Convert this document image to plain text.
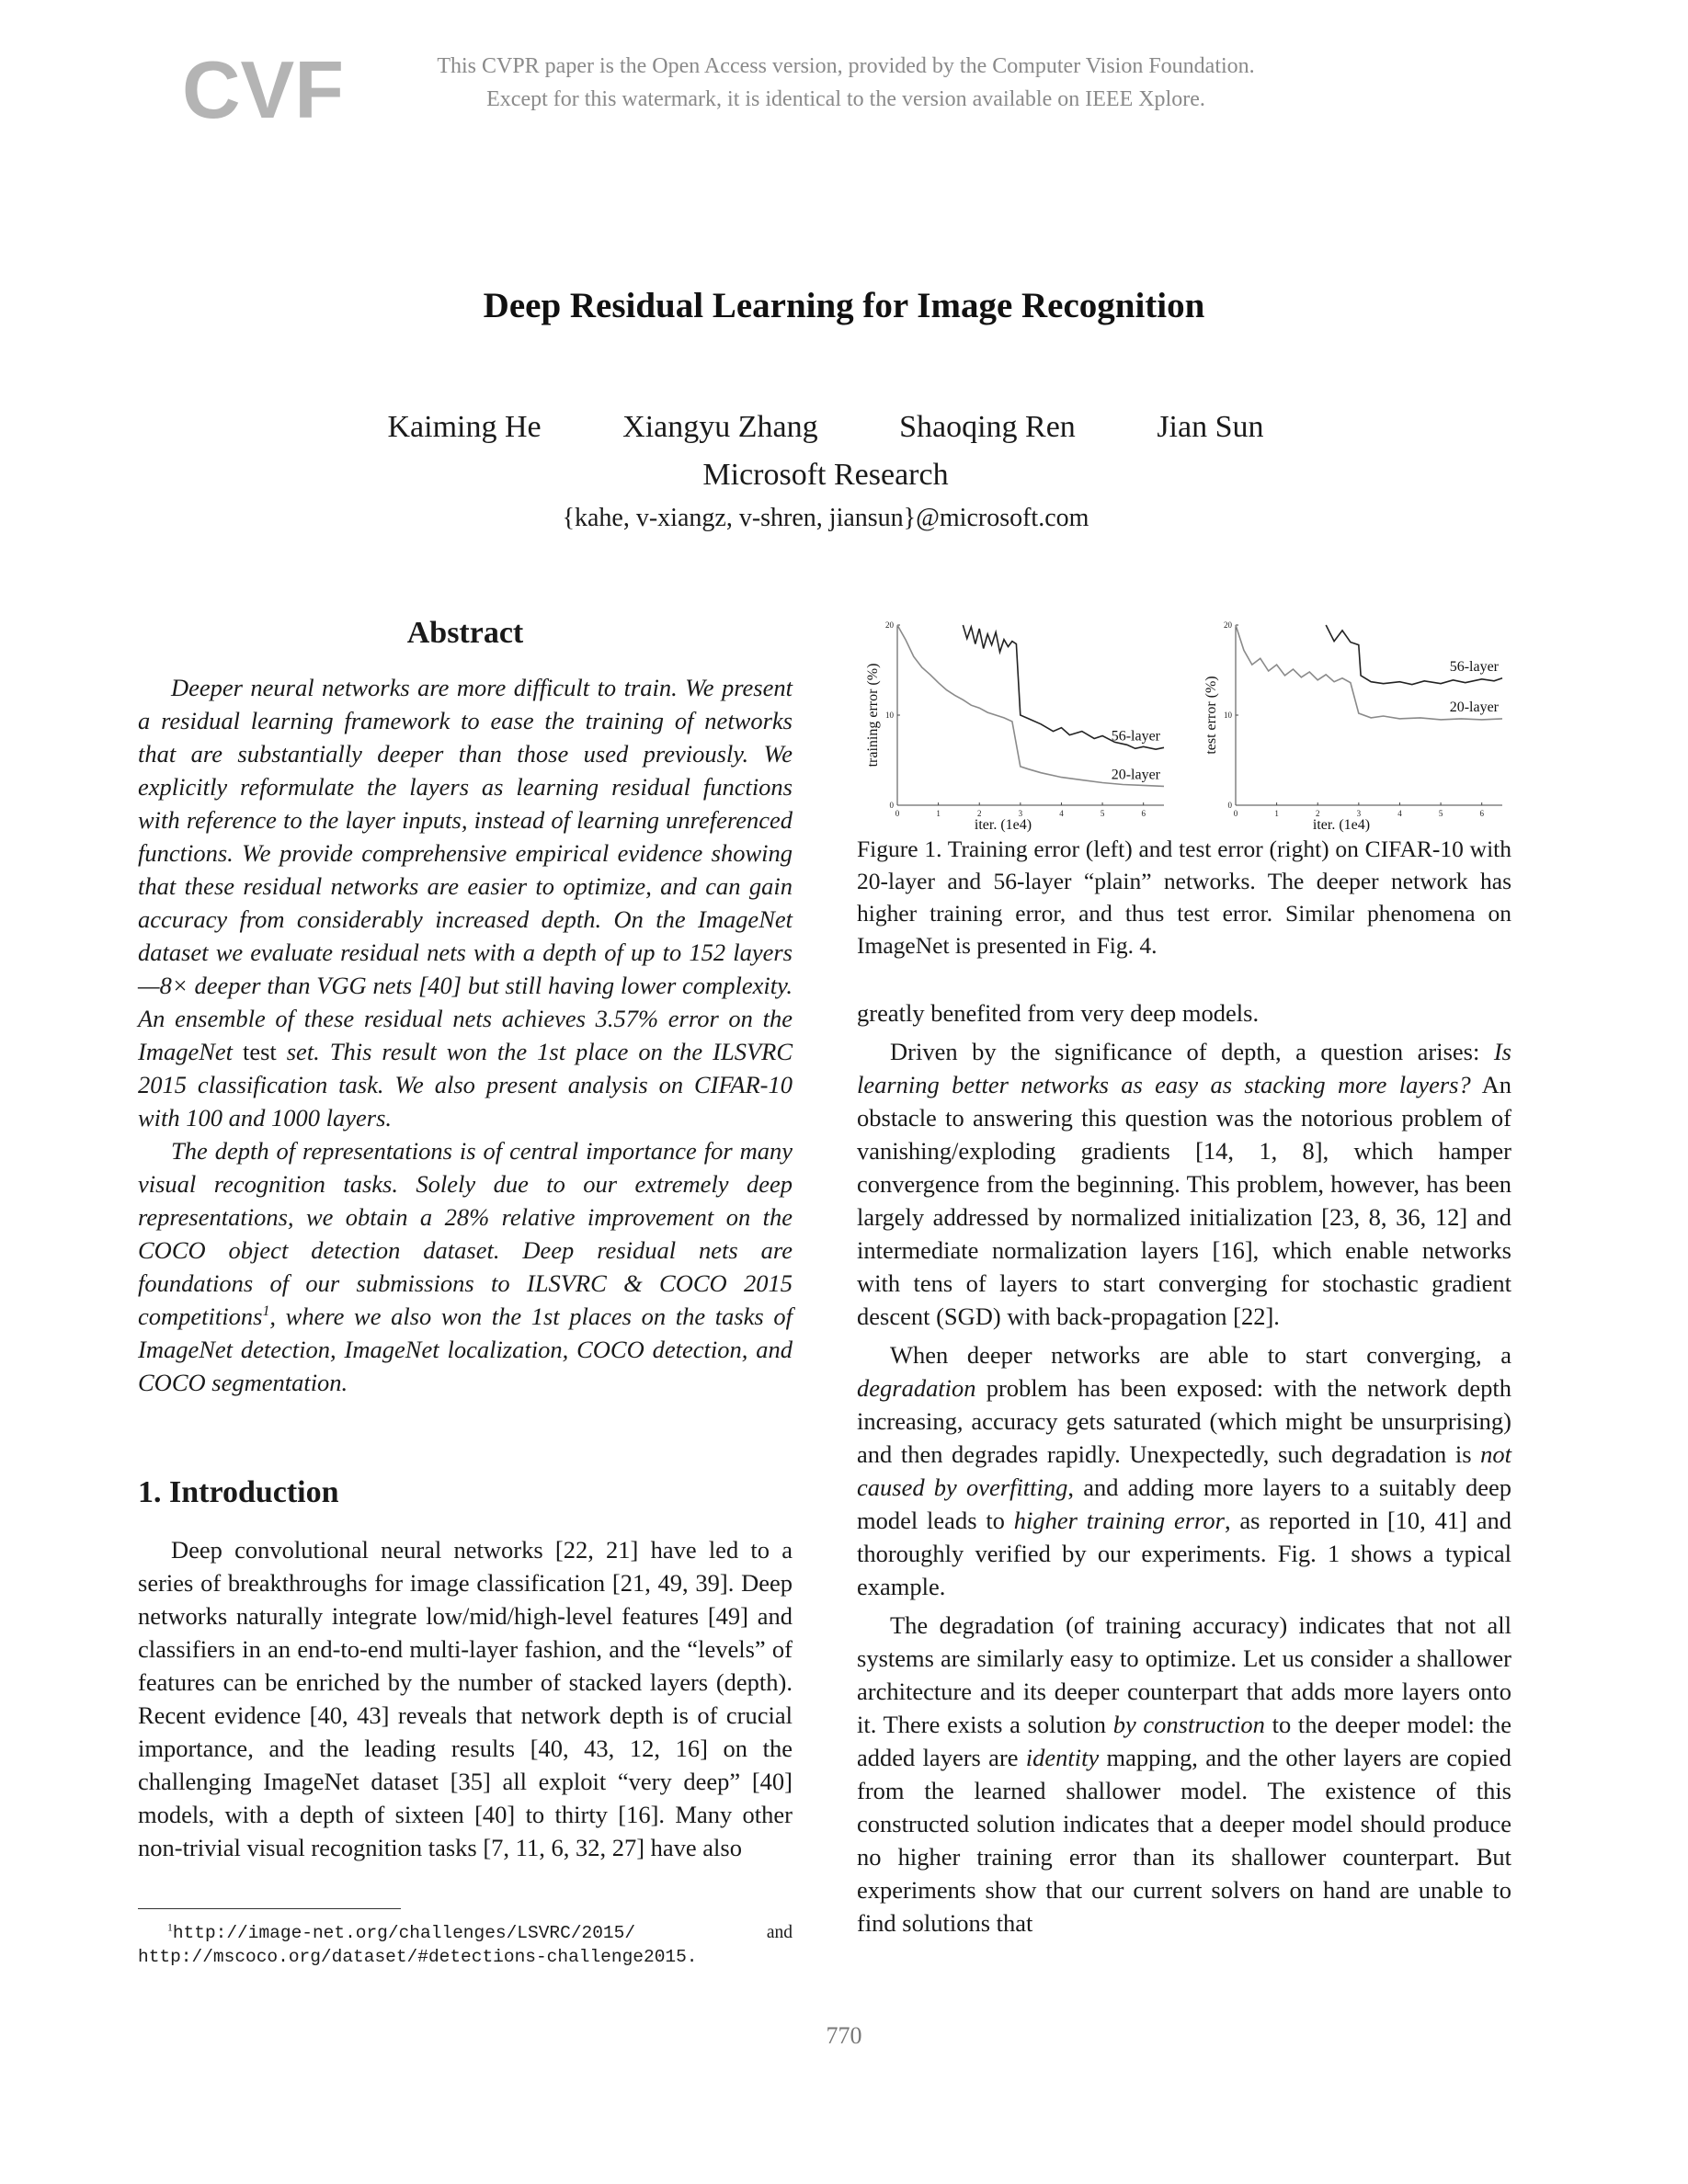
CVF	This CVPR paper is the Open Access version, provided by the Computer Vision Foundation.
Except for this watermark, it is identical to the version available on IEEE Xplore.
Deep Residual Learning for Image Recognition
Kaiming He	Xiangyu Zhang	Shaoqing Ren	Jian Sun
Microsoft Research
{kahe, v-xiangz, v-shren, jiansun}@microsoft.com
Abstract

Deeper neural networks are more difficult to train. We present a residual learning framework to ease the training of networks that are substantially deeper than those used previously. We explicitly reformulate the layers as learning residual functions with reference to the layer inputs, instead of learning unreferenced functions. We provide comprehensive empirical evidence showing that these residual networks are easier to optimize, and can gain accuracy from considerably increased depth. On the ImageNet dataset we evaluate residual nets with a depth of up to 152 layers—8× deeper than VGG nets [40] but still having lower complexity. An ensemble of these residual nets achieves 3.57% error on the ImageNet test set. This result won the 1st place on the ILSVRC 2015 classification task. We also present analysis on CIFAR-10 with 100 and 1000 layers.

The depth of representations is of central importance for many visual recognition tasks. Solely due to our extremely deep representations, we obtain a 28% relative improvement on the COCO object detection dataset. Deep residual nets are foundations of our submissions to ILSVRC & COCO 2015 competitions$^1$, where we also won the 1st places on the tasks of ImageNet detection, ImageNet localization, COCO detection, and COCO segmentation.

1. Introduction

Deep convolutional neural networks [22, 21] have led to a series of breakthroughs for image classification [21, 49, 39]. Deep networks naturally integrate low/mid/high-level features [49] and classifiers in an end-to-end multi-layer fashion, and the “levels” of features can be enriched by the number of stacked layers (depth). Recent evidence [40, 43] reveals that network depth is of crucial importance, and the leading results [40, 43, 12, 16] on the challenging ImageNet dataset [35] all exploit “very deep” [40] models, with a depth of sixteen [40] to thirty [16]. Many other non-trivial visual recognition tasks [7, 11, 6, 32, 27] have also

$^1$http://image-net.org/challenges/LSVRC/2015/	and
http://mscoco.org/dataset/#detections-challenge2015.
0	1	2	3	4	5	6
0
10
20
iter. (1e4)
training error (%)	56-layer
20-layer
0	1	2	3	4	5	6
0
10
20
iter. (1e4)
test error (%)
56-layer
20-layer
Figure 1. Training error (left) and test error (right) on CIFAR-10 with 20-layer and 56-layer “plain” networks. The deeper network has higher training error, and thus test error. Similar phenomena on ImageNet is presented in Fig. 4.

greatly benefited from very deep models.

Driven by the significance of depth, a question arises: Is learning better networks as easy as stacking more layers? An obstacle to answering this question was the notorious problem of vanishing/exploding gradients [14, 1, 8], which hamper convergence from the beginning. This problem, however, has been largely addressed by normalized initialization [23, 8, 36, 12] and intermediate normalization layers [16], which enable networks with tens of layers to start converging for stochastic gradient descent (SGD) with back-propagation [22].

When deeper networks are able to start converging, a degradation problem has been exposed: with the network depth increasing, accuracy gets saturated (which might be unsurprising) and then degrades rapidly. Unexpectedly, such degradation is not caused by overfitting, and adding more layers to a suitably deep model leads to higher training error, as reported in [10, 41] and thoroughly verified by our experiments. Fig. 1 shows a typical example.

The degradation (of training accuracy) indicates that not all systems are similarly easy to optimize. Let us consider a shallower architecture and its deeper counterpart that adds more layers onto it. There exists a solution by construction to the deeper model: the added layers are identity mapping, and the other layers are copied from the learned shallower model. The existence of this constructed solution indicates that a deeper model should produce no higher training error than its shallower counterpart. But experiments show that our current solvers on hand are unable to find solutions that

770
